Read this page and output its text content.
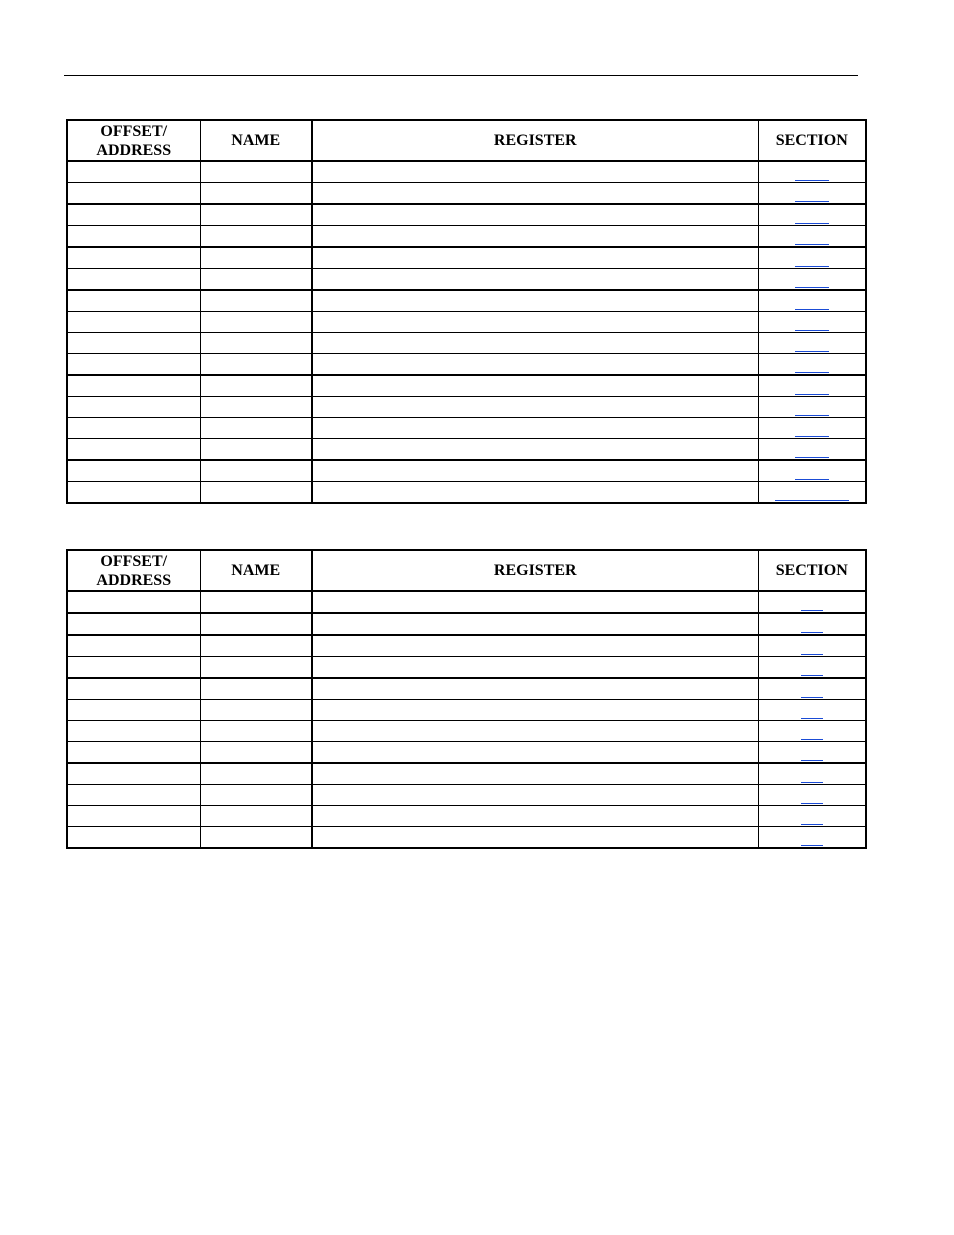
OFFSET/ ADDRESS	NAME	REGISTER	SECTION

OFFSET/ ADDRESS	NAME	REGISTER	SECTION
